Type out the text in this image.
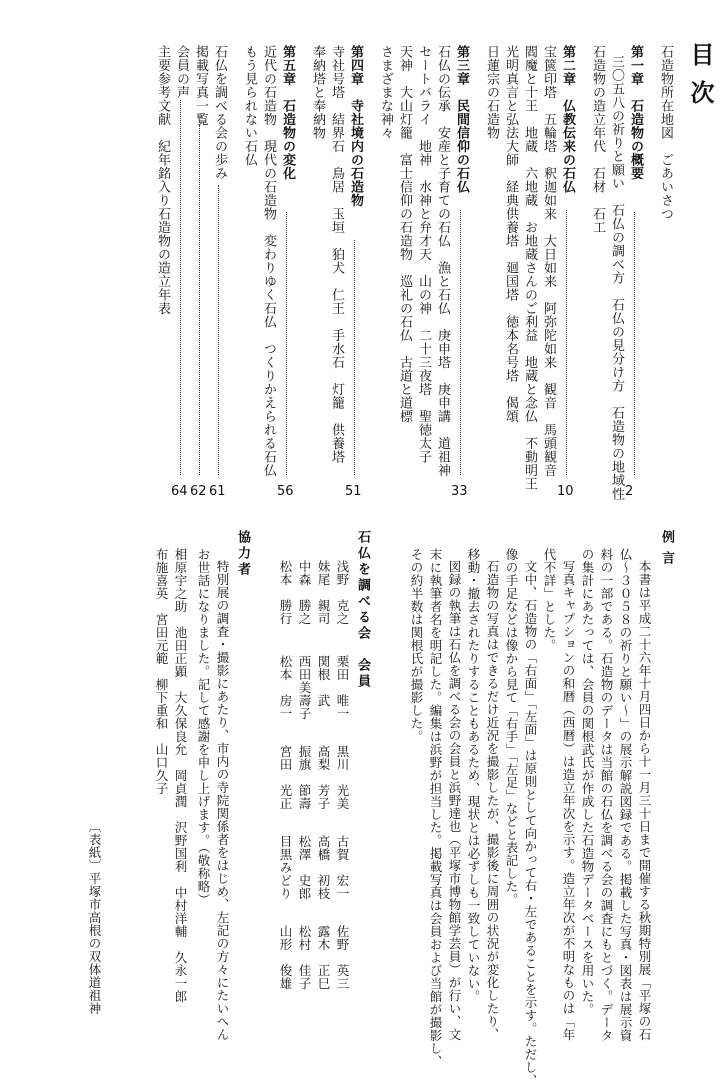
例言
石仏を調べる会　会員
協力者
〔表紙〕平塚市高根の双体道祖神
目次
石造物所在地図　ごあいさつ
第一章　石造物の概要
2
三〇五八の祈りと願い　石仏の調べ方　石仏の見分け方　石造物の地域性
石造物の造立年代　石材　石工
第二章　仏教伝来の石仏
10
宝篋印塔　五輪塔　釈迦如来　大日如来　阿弥陀如来　観音　馬頭観音
閻魔と十王　地蔵　六地蔵　お地蔵さんのご利益　地蔵と念仏　不動明王
光明真言と弘法大師　経典供養塔　廻国塔　徳本名号塔　偈頌
日蓮宗の石造物
第三章　民間信仰の石仏
33
石仏の伝承　安産と子育ての石仏　漁と石仏　庚申塔　庚申講　道祖神
セートバライ　地神　水神と弁才天　山の神　二十三夜塔　聖徳太子
天神　大山灯籠　富士信仰の石造物　巡礼の石仏　古道と道標
さまざまな神々
第四章　寺社境内の石造物
51
寺社号塔　結界石　鳥居　玉垣　狛犬　仁王　手水石　灯籠　供養塔
奉納塔と奉納物
第五章　石造物の変化
56
近代の石造物　現代の石造物　変わりゆく石仏　つくりかえられる石仏
もう見られない石仏
石仏を調べる会の歩み
61
掲載写真一覧
62
会員の声
64
主要参考文献　紀年銘入り石造物の造立年表
本書は平成二十六年十月四日から十一月三十日まで開催する秋期特別展「平塚の石
仏〜３０５８の祈りと願い〜」の展示解説図録である。掲載した写真・図表は展示資
料の一部である。石造物のデータは当館の石仏を調べる会の調査にもとづく。データ
の集計にあたっては、会員の関根武氏が作成した石造物データベースを用いた。
写真キャプションの和暦（西暦）は造立年次を示す。造立年次が不明なものは「年
代不詳」とした。
文中、石造物の「右面」「左面」は原則として向かって右・左であることを示す。ただし、
像の手足などは像から見て「右手」「左足」などと表記した。
石造物の写真はできるだけ近況を撮影したが、撮影後に周囲の状況が変化したり、
移動・撤去されたりすることもあるため、現状とは必ずしも一致していない。
図録の執筆は石仏を調べる会の会員と浜野達也（平塚市博物館学芸員）が行い、文
末に執筆者名を明記した。編集は浜野が担当した。掲載写真は会員および当館が撮影し、
その約半数は関根氏が撮影した。
浅野　克之
妹尾　親司
中森　勝之
松本　勝行
栗田　唯一
関根　武
西田美壽子
松本　房一
黒川　光美
高梨　芳子
振旗　節壽
宮田　光正
古賀　宏一
高橋　初枝
松澤　史郎
目黒みどり
佐野　英三
露木　正巳
松村　佳子
山形　俊雄
特別展の調査・撮影にあたり、市内の寺院関係者をはじめ、左記の方々にたいへん
お世話になりました。記して感謝を申し上げます。（敬称略）
相原宇之助　池田正顕　大久保良允　岡貞潤　沢野国利　中村洋輔　久永一郎
布施喜英　宮田元範　柳下重和　山口久子
